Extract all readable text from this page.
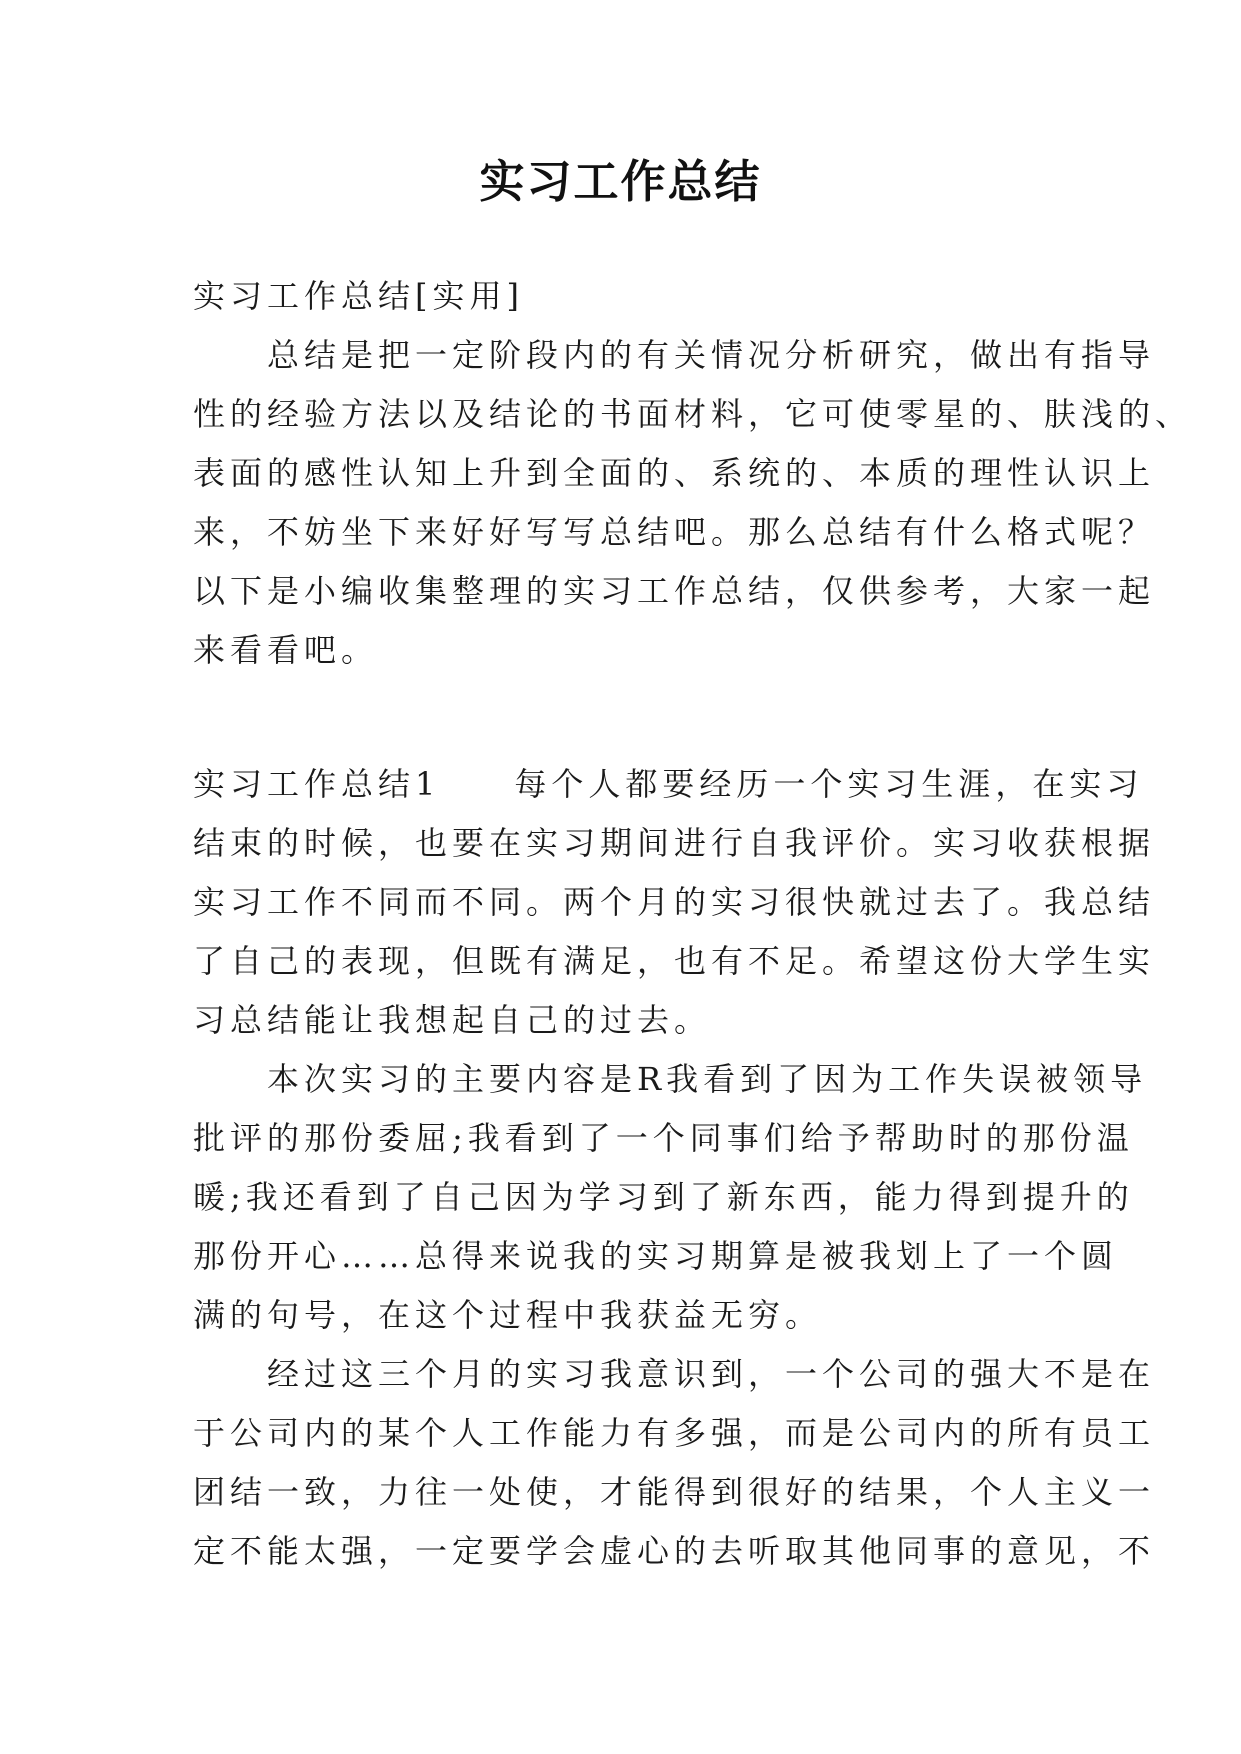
实习工作总结
实习工作总结[实用]
　　总结是把一定阶段内的有关情况分析研究，做出有指导
性的经验方法以及结论的书面材料，它可使零星的、肤浅的、
表面的感性认知上升到全面的、系统的、本质的理性认识上
来，不妨坐下来好好写写总结吧。那么总结有什么格式呢？
以下是小编收集整理的实习工作总结，仅供参考，大家一起
来看看吧。
实习工作总结1　　每个人都要经历一个实习生涯，在实习
结束的时候，也要在实习期间进行自我评价。实习收获根据
实习工作不同而不同。两个月的实习很快就过去了。我总结
了自己的表现，但既有满足，也有不足。希望这份大学生实
习总结能让我想起自己的过去。
　　本次实习的主要内容是R我看到了因为工作失误被领导
批评的那份委屈;我看到了一个同事们给予帮助时的那份温
暖;我还看到了自己因为学习到了新东西，能力得到提升的
那份开心……总得来说我的实习期算是被我划上了一个圆
满的句号，在这个过程中我获益无穷。
　　经过这三个月的实习我意识到，一个公司的强大不是在
于公司内的某个人工作能力有多强，而是公司内的所有员工
团结一致，力往一处使，才能得到很好的结果，个人主义一
定不能太强，一定要学会虚心的去听取其他同事的意见，不
